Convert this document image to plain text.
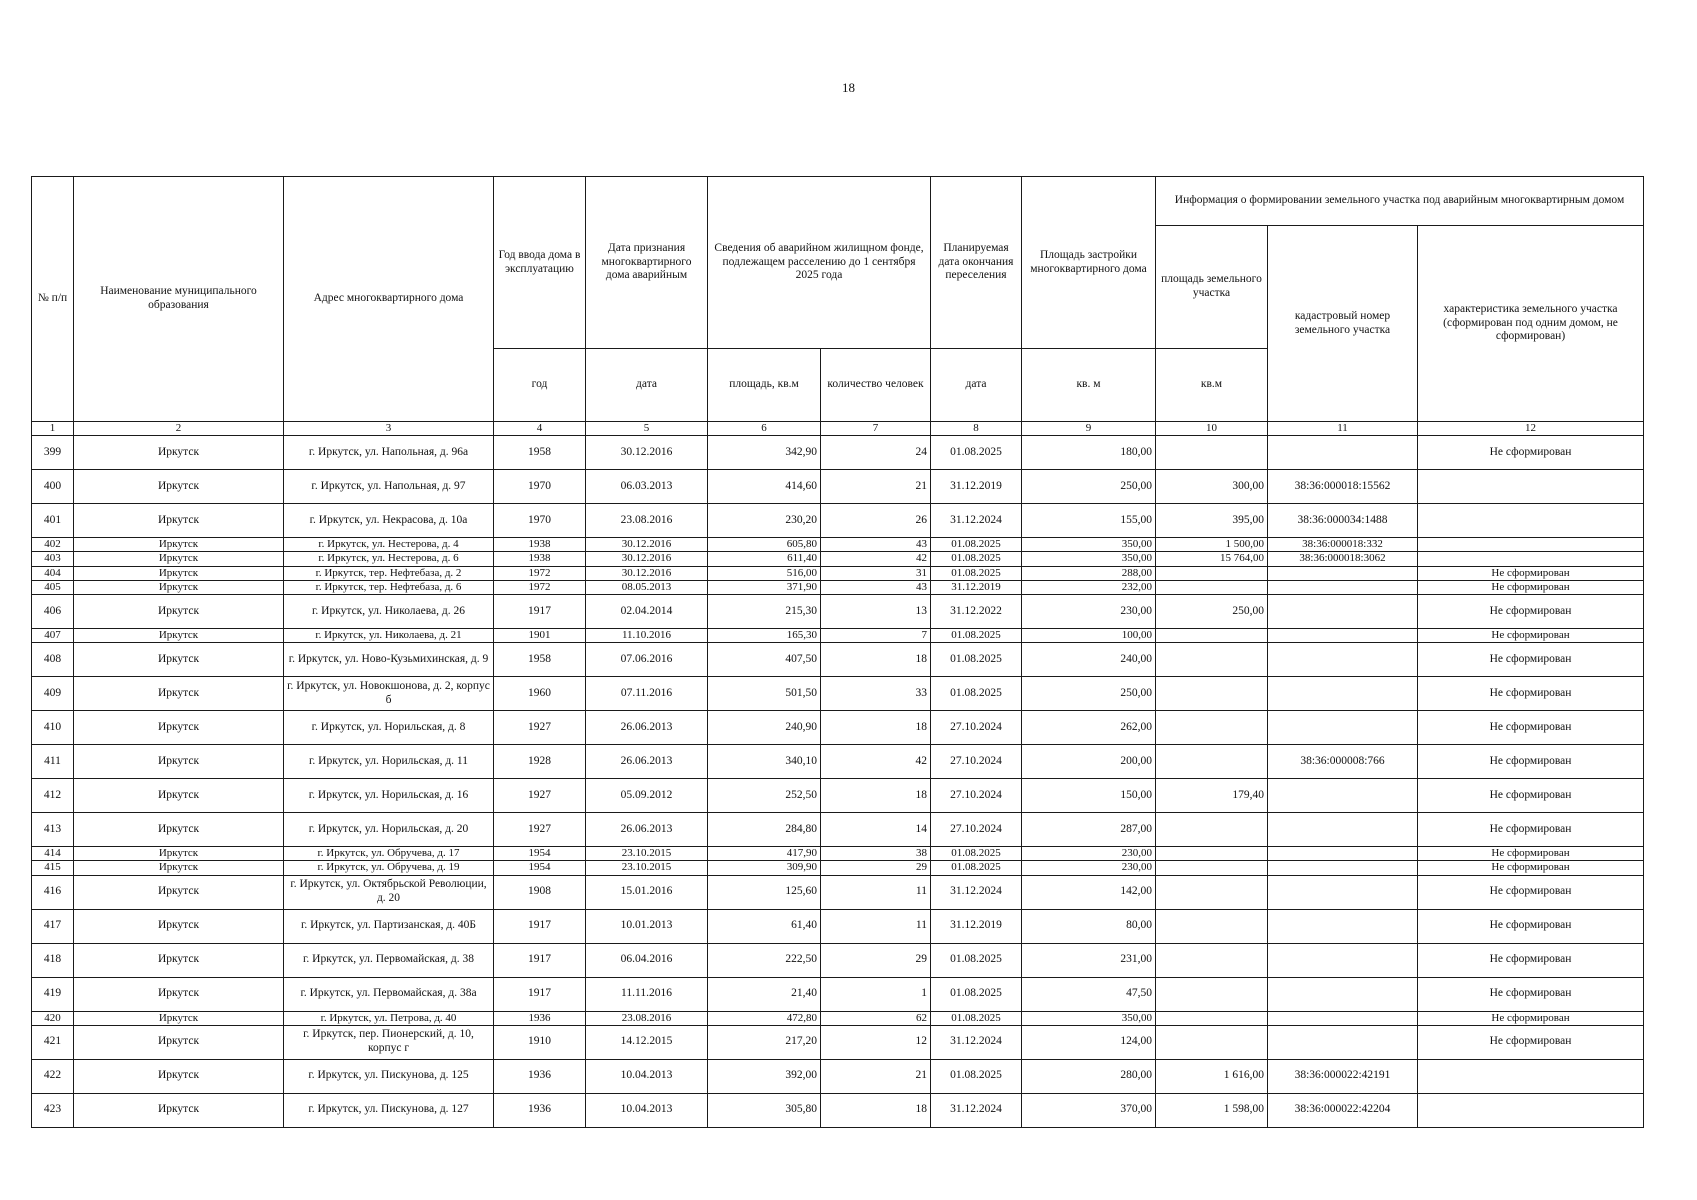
18
№ п/п	Наименование муниципального образования	Адрес многоквартирного дома	Год ввода дома в эксплуатацию	Дата признания многоквартирного дома аварийным	Сведения об аварийном жилищном фонде, подлежащем расселению до 1 сентября 2025 года		Планируемая дата окончания переселения	Площадь застройки многоквартирного дома	Информация о формировании земельного участка под аварийным многоквартирным домом		
									площадь земельного участка	кадастровый номер земельного участка	характеристика земельного участка (сформирован под одним домом, не сформирован)
			год	дата	площадь, кв.м	количество человек	дата	кв. м	кв.м		
1	2	3	4	5	6	7	8	9	10	11	12
399	Иркутск	г. Иркутск, ул. Напольная, д. 96а	1958	30.12.2016	342,90	24	01.08.2025	180,00			Не сформирован
400	Иркутск	г. Иркутск, ул. Напольная, д. 97	1970	06.03.2013	414,60	21	31.12.2019	250,00	300,00	38:36:000018:15562	
401	Иркутск	г. Иркутск, ул. Некрасова, д. 10а	1970	23.08.2016	230,20	26	31.12.2024	155,00	395,00	38:36:000034:1488	
402	Иркутск	г. Иркутск, ул. Нестерова, д. 4	1938	30.12.2016	605,80	43	01.08.2025	350,00	1 500,00	38:36:000018:332	
403	Иркутск	г. Иркутск, ул. Нестерова, д. 6	1938	30.12.2016	611,40	42	01.08.2025	350,00	15 764,00	38:36:000018:3062	
404	Иркутск	г. Иркутск, тер. Нефтебаза, д. 2	1972	30.12.2016	516,00	31	01.08.2025	288,00			Не сформирован
405	Иркутск	г. Иркутск, тер. Нефтебаза, д. 6	1972	08.05.2013	371,90	43	31.12.2019	232,00			Не сформирован
406	Иркутск	г. Иркутск, ул. Николаева, д. 26	1917	02.04.2014	215,30	13	31.12.2022	230,00	250,00		Не сформирован
407	Иркутск	г. Иркутск, ул. Николаева, д. 21	1901	11.10.2016	165,30	7	01.08.2025	100,00			Не сформирован
408	Иркутск	г. Иркутск, ул. Ново-Кузьмихинская, д. 9	1958	07.06.2016	407,50	18	01.08.2025	240,00			Не сформирован
409	Иркутск	г. Иркутск, ул. Новокшонова, д. 2, корпус б	1960	07.11.2016	501,50	33	01.08.2025	250,00			Не сформирован
410	Иркутск	г. Иркутск, ул. Норильская, д. 8	1927	26.06.2013	240,90	18	27.10.2024	262,00			Не сформирован
411	Иркутск	г. Иркутск, ул. Норильская, д. 11	1928	26.06.2013	340,10	42	27.10.2024	200,00		38:36:000008:766	Не сформирован
412	Иркутск	г. Иркутск, ул. Норильская, д. 16	1927	05.09.2012	252,50	18	27.10.2024	150,00	179,40		Не сформирован
413	Иркутск	г. Иркутск, ул. Норильская, д. 20	1927	26.06.2013	284,80	14	27.10.2024	287,00			Не сформирован
414	Иркутск	г. Иркутск, ул. Обручева, д. 17	1954	23.10.2015	417,90	38	01.08.2025	230,00			Не сформирован
415	Иркутск	г. Иркутск, ул. Обручева, д. 19	1954	23.10.2015	309,90	29	01.08.2025	230,00			Не сформирован
416	Иркутск	г. Иркутск, ул. Октябрьской Революции, д. 20	1908	15.01.2016	125,60	11	31.12.2024	142,00			Не сформирован
417	Иркутск	г. Иркутск, ул. Партизанская, д. 40Б	1917	10.01.2013	61,40	11	31.12.2019	80,00			Не сформирован
418	Иркутск	г. Иркутск, ул. Первомайская, д. 38	1917	06.04.2016	222,50	29	01.08.2025	231,00			Не сформирован
419	Иркутск	г. Иркутск, ул. Первомайская, д. 38а	1917	11.11.2016	21,40	1	01.08.2025	47,50			Не сформирован
420	Иркутск	г. Иркутск, ул. Петрова, д. 40	1936	23.08.2016	472,80	62	01.08.2025	350,00			Не сформирован
421	Иркутск	г. Иркутск, пер. Пионерский, д. 10, корпус г	1910	14.12.2015	217,20	12	31.12.2024	124,00			Не сформирован
422	Иркутск	г. Иркутск, ул. Пискунова, д. 125	1936	10.04.2013	392,00	21	01.08.2025	280,00	1 616,00	38:36:000022:42191	
423	Иркутск	г. Иркутск, ул. Пискунова, д. 127	1936	10.04.2013	305,80	18	31.12.2024	370,00	1 598,00	38:36:000022:42204	
